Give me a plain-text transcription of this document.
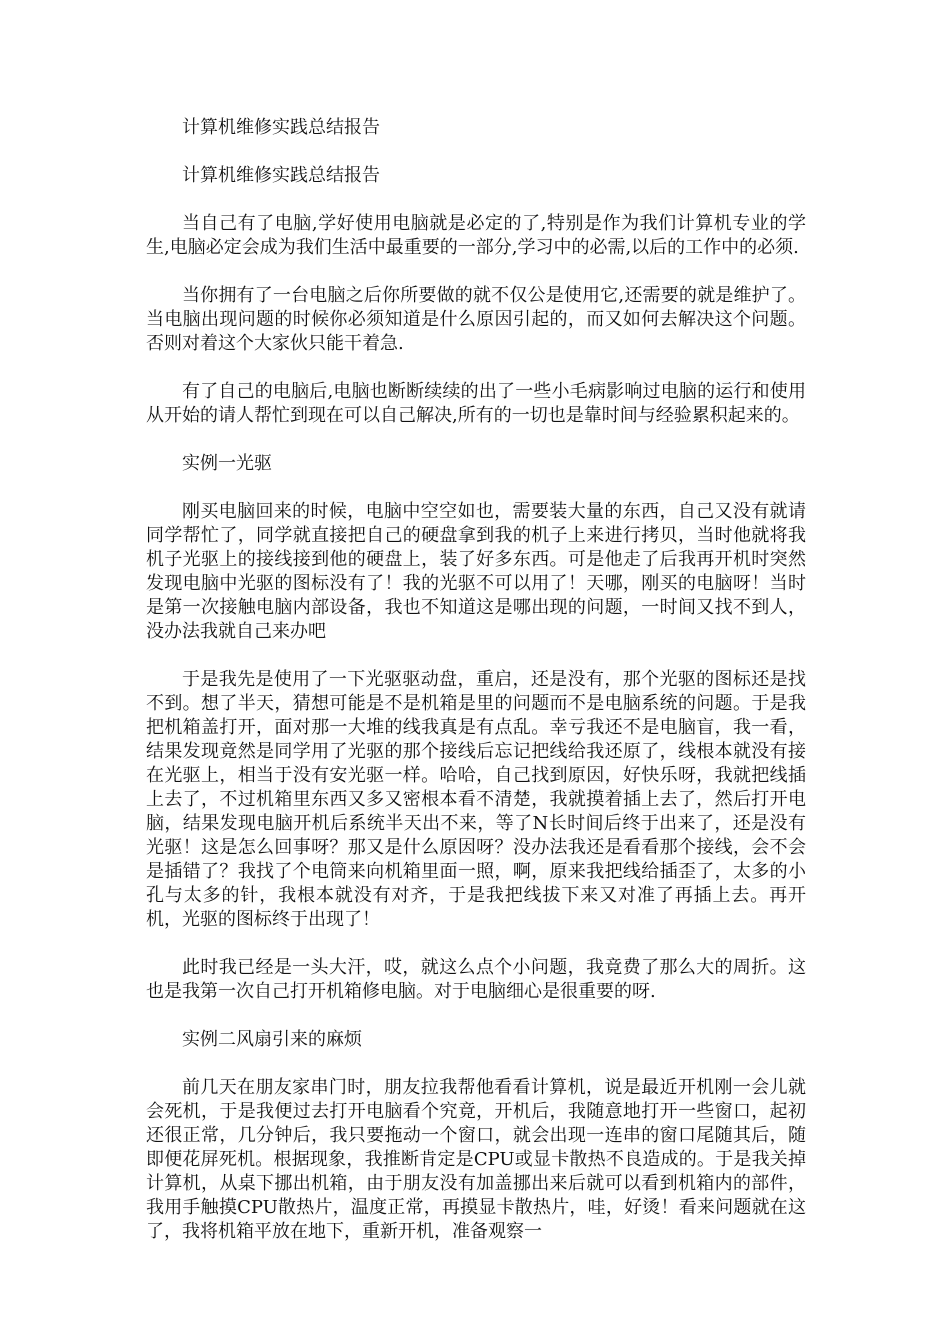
计算机维修实践总结报告

计算机维修实践总结报告

当自己有了电脑,学好使用电脑就是必定的了,特别是作为我们计算机专业的学生,电脑必定会成为我们生活中最重要的一部分,学习中的必需,以后的工作中的必须.

当你拥有了一台电脑之后你所要做的就不仅公是使用它,还需要的就是维护了。当电脑出现问题的时候你必须知道是什么原因引起的，而又如何去解决这个问题。否则对着这个大家伙只能干着急.

有了自己的电脑后,电脑也断断续续的出了一些小毛病影响过电脑的运行和使用从开始的请人帮忙到现在可以自己解决,所有的一切也是靠时间与经验累积起来的。

实例一光驱

刚买电脑回来的时候，电脑中空空如也，需要装大量的东西，自己又没有就请同学帮忙了，同学就直接把自己的硬盘拿到我的机子上来进行拷贝，当时他就将我机子光驱上的接线接到他的硬盘上，装了好多东西。可是他走了后我再开机时突然发现电脑中光驱的图标没有了！我的光驱不可以用了！天哪，刚买的电脑呀！当时是第一次接触电脑内部设备，我也不知道这是哪出现的问题，一时间又找不到人，没办法我就自己来办吧

于是我先是使用了一下光驱驱动盘，重启，还是没有，那个光驱的图标还是找不到。想了半天，猜想可能是不是机箱是里的问题而不是电脑系统的问题。于是我把机箱盖打开，面对那一大堆的线我真是有点乱。幸亏我还不是电脑盲，我一看，结果发现竟然是同学用了光驱的那个接线后忘记把线给我还原了，线根本就没有接在光驱上，相当于没有安光驱一样。哈哈，自己找到原因，好快乐呀，我就把线插上去了，不过机箱里东西又多又密根本看不清楚，我就摸着插上去了，然后打开电脑，结果发现电脑开机后系统半天出不来，等了N长时间后终于出来了，还是没有光驱！这是怎么回事呀？那又是什么原因呀？没办法我还是看看那个接线，会不会是插错了？我找了个电筒来向机箱里面一照，啊，原来我把线给插歪了，太多的小孔与太多的针，我根本就没有对齐，于是我把线拔下来又对准了再插上去。再开机，光驱的图标终于出现了！

此时我已经是一头大汗，哎，就这么点个小问题，我竟费了那么大的周折。这也是我第一次自己打开机箱修电脑。对于电脑细心是很重要的呀.

实例二风扇引来的麻烦

前几天在朋友家串门时，朋友拉我帮他看看计算机，说是最近开机刚一会儿就会死机，于是我便过去打开电脑看个究竟，开机后，我随意地打开一些窗口，起初还很正常，几分钟后，我只要拖动一个窗口，就会出现一连串的窗口尾随其后，随即便花屏死机。根据现象，我推断肯定是CPU或显卡散热不良造成的。于是我关掉计算机，从桌下挪出机箱，由于朋友没有加盖挪出来后就可以看到机箱内的部件，我用手触摸CPU散热片，温度正常，再摸显卡散热片，哇，好烫！看来问题就在这了，我将机箱平放在地下，重新开机，准备观察一
